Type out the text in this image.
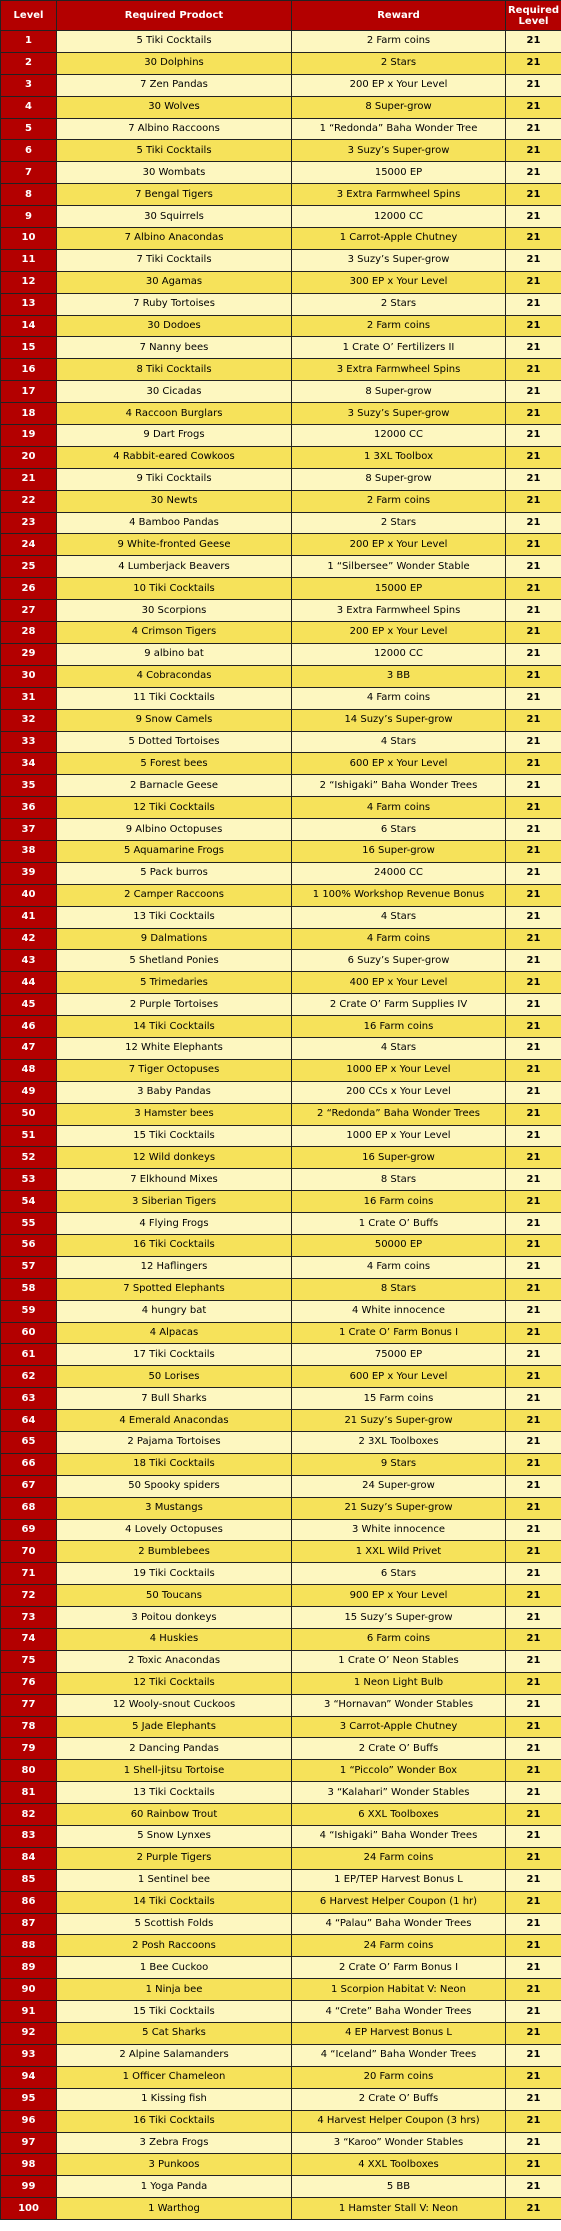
Level	Required Prodoct	Reward	Required Level
1	5 Tiki Cocktails	2 Farm coins	21
2	30 Dolphins	2 Stars	21
3	7 Zen Pandas	200 EP x Your Level	21
4	30 Wolves	8 Super-grow	21
5	7 Albino Raccoons	1 “Redonda” Baha Wonder Tree	21
6	5 Tiki Cocktails	3 Suzy’s Super-grow	21
7	30 Wombats	15000 EP	21
8	7 Bengal Tigers	3 Extra Farmwheel Spins	21
9	30 Squirrels	12000 CC	21
10	7 Albino Anacondas	1 Carrot-Apple Chutney	21
11	7 Tiki Cocktails	3 Suzy’s Super-grow	21
12	30 Agamas	300 EP x Your Level	21
13	7 Ruby Tortoises	2 Stars	21
14	30 Dodoes	2 Farm coins	21
15	7 Nanny bees	1 Crate O’ Fertilizers II	21
16	8 Tiki Cocktails	3 Extra Farmwheel Spins	21
17	30 Cicadas	8 Super-grow	21
18	4 Raccoon Burglars	3 Suzy’s Super-grow	21
19	9 Dart Frogs	12000 CC	21
20	4 Rabbit-eared Cowkoos	1 3XL Toolbox	21
21	9 Tiki Cocktails	8 Super-grow	21
22	30 Newts	2 Farm coins	21
23	4 Bamboo Pandas	2 Stars	21
24	9 White-fronted Geese	200 EP x Your Level	21
25	4 Lumberjack Beavers	1 “Silbersee” Wonder Stable	21
26	10 Tiki Cocktails	15000 EP	21
27	30 Scorpions	3 Extra Farmwheel Spins	21
28	4 Crimson Tigers	200 EP x Your Level	21
29	9 albino bat	12000 CC	21
30	4 Cobracondas	3 BB	21
31	11 Tiki Cocktails	4 Farm coins	21
32	9 Snow Camels	14 Suzy’s Super-grow	21
33	5 Dotted Tortoises	4 Stars	21
34	5 Forest bees	600 EP x Your Level	21
35	2 Barnacle Geese	2 “Ishigaki” Baha Wonder Trees	21
36	12 Tiki Cocktails	4 Farm coins	21
37	9 Albino Octopuses	6 Stars	21
38	5 Aquamarine Frogs	16 Super-grow	21
39	5 Pack burros	24000 CC	21
40	2 Camper Raccoons	1 100% Workshop Revenue Bonus	21
41	13 Tiki Cocktails	4 Stars	21
42	9 Dalmations	4 Farm coins	21
43	5 Shetland Ponies	6 Suzy’s Super-grow	21
44	5 Trimedaries	400 EP x Your Level	21
45	2 Purple Tortoises	2 Crate O’ Farm Supplies IV	21
46	14 Tiki Cocktails	16 Farm coins	21
47	12 White Elephants	4 Stars	21
48	7 Tiger Octopuses	1000 EP x Your Level	21
49	3 Baby Pandas	200 CCs x Your Level	21
50	3 Hamster bees	2 “Redonda” Baha Wonder Trees	21
51	15 Tiki Cocktails	1000 EP x Your Level	21
52	12 Wild donkeys	16 Super-grow	21
53	7 Elkhound Mixes	8 Stars	21
54	3 Siberian Tigers	16 Farm coins	21
55	4 Flying Frogs	1 Crate O’ Buffs	21
56	16 Tiki Cocktails	50000 EP	21
57	12 Haflingers	4 Farm coins	21
58	7 Spotted Elephants	8 Stars	21
59	4 hungry bat	4 White innocence	21
60	4 Alpacas	1 Crate O’ Farm Bonus I	21
61	17 Tiki Cocktails	75000 EP	21
62	50 Lorises	600 EP x Your Level	21
63	7 Bull Sharks	15 Farm coins	21
64	4 Emerald Anacondas	21 Suzy’s Super-grow	21
65	2 Pajama Tortoises	2 3XL Toolboxes	21
66	18 Tiki Cocktails	9 Stars	21
67	50 Spooky spiders	24 Super-grow	21
68	3 Mustangs	21 Suzy’s Super-grow	21
69	4 Lovely Octopuses	3 White innocence	21
70	2 Bumblebees	1 XXL Wild Privet	21
71	19 Tiki Cocktails	6 Stars	21
72	50 Toucans	900 EP x Your Level	21
73	3 Poitou donkeys	15 Suzy’s Super-grow	21
74	4 Huskies	6 Farm coins	21
75	2 Toxic Anacondas	1 Crate O’ Neon Stables	21
76	12 Tiki Cocktails	1 Neon Light Bulb	21
77	12 Wooly-snout Cuckoos	3 “Hornavan” Wonder Stables	21
78	5 Jade Elephants	3 Carrot-Apple Chutney	21
79	2 Dancing Pandas	2 Crate O’ Buffs	21
80	1 Shell-jitsu Tortoise	1 “Piccolo” Wonder Box	21
81	13 Tiki Cocktails	3 “Kalahari” Wonder Stables	21
82	60 Rainbow Trout	6 XXL Toolboxes	21
83	5 Snow Lynxes	4 “Ishigaki” Baha Wonder Trees	21
84	2 Purple Tigers	24 Farm coins	21
85	1 Sentinel bee	1 EP/TEP Harvest Bonus L	21
86	14 Tiki Cocktails	6 Harvest Helper Coupon (1 hr)	21
87	5 Scottish Folds	4 “Palau” Baha Wonder Trees	21
88	2 Posh Raccoons	24 Farm coins	21
89	1 Bee Cuckoo	2 Crate O’ Farm Bonus I	21
90	1 Ninja bee	1 Scorpion Habitat V: Neon	21
91	15 Tiki Cocktails	4 “Crete” Baha Wonder Trees	21
92	5 Cat Sharks	4 EP Harvest Bonus L	21
93	2 Alpine Salamanders	4 “Iceland” Baha Wonder Trees	21
94	1 Officer Chameleon	20 Farm coins	21
95	1 Kissing fish	2 Crate O’ Buffs	21
96	16 Tiki Cocktails	4 Harvest Helper Coupon (3 hrs)	21
97	3 Zebra Frogs	3 “Karoo” Wonder Stables	21
98	3 Punkoos	4 XXL Toolboxes	21
99	1 Yoga Panda	5 BB	21
100	1 Warthog	1 Hamster Stall V: Neon	21
